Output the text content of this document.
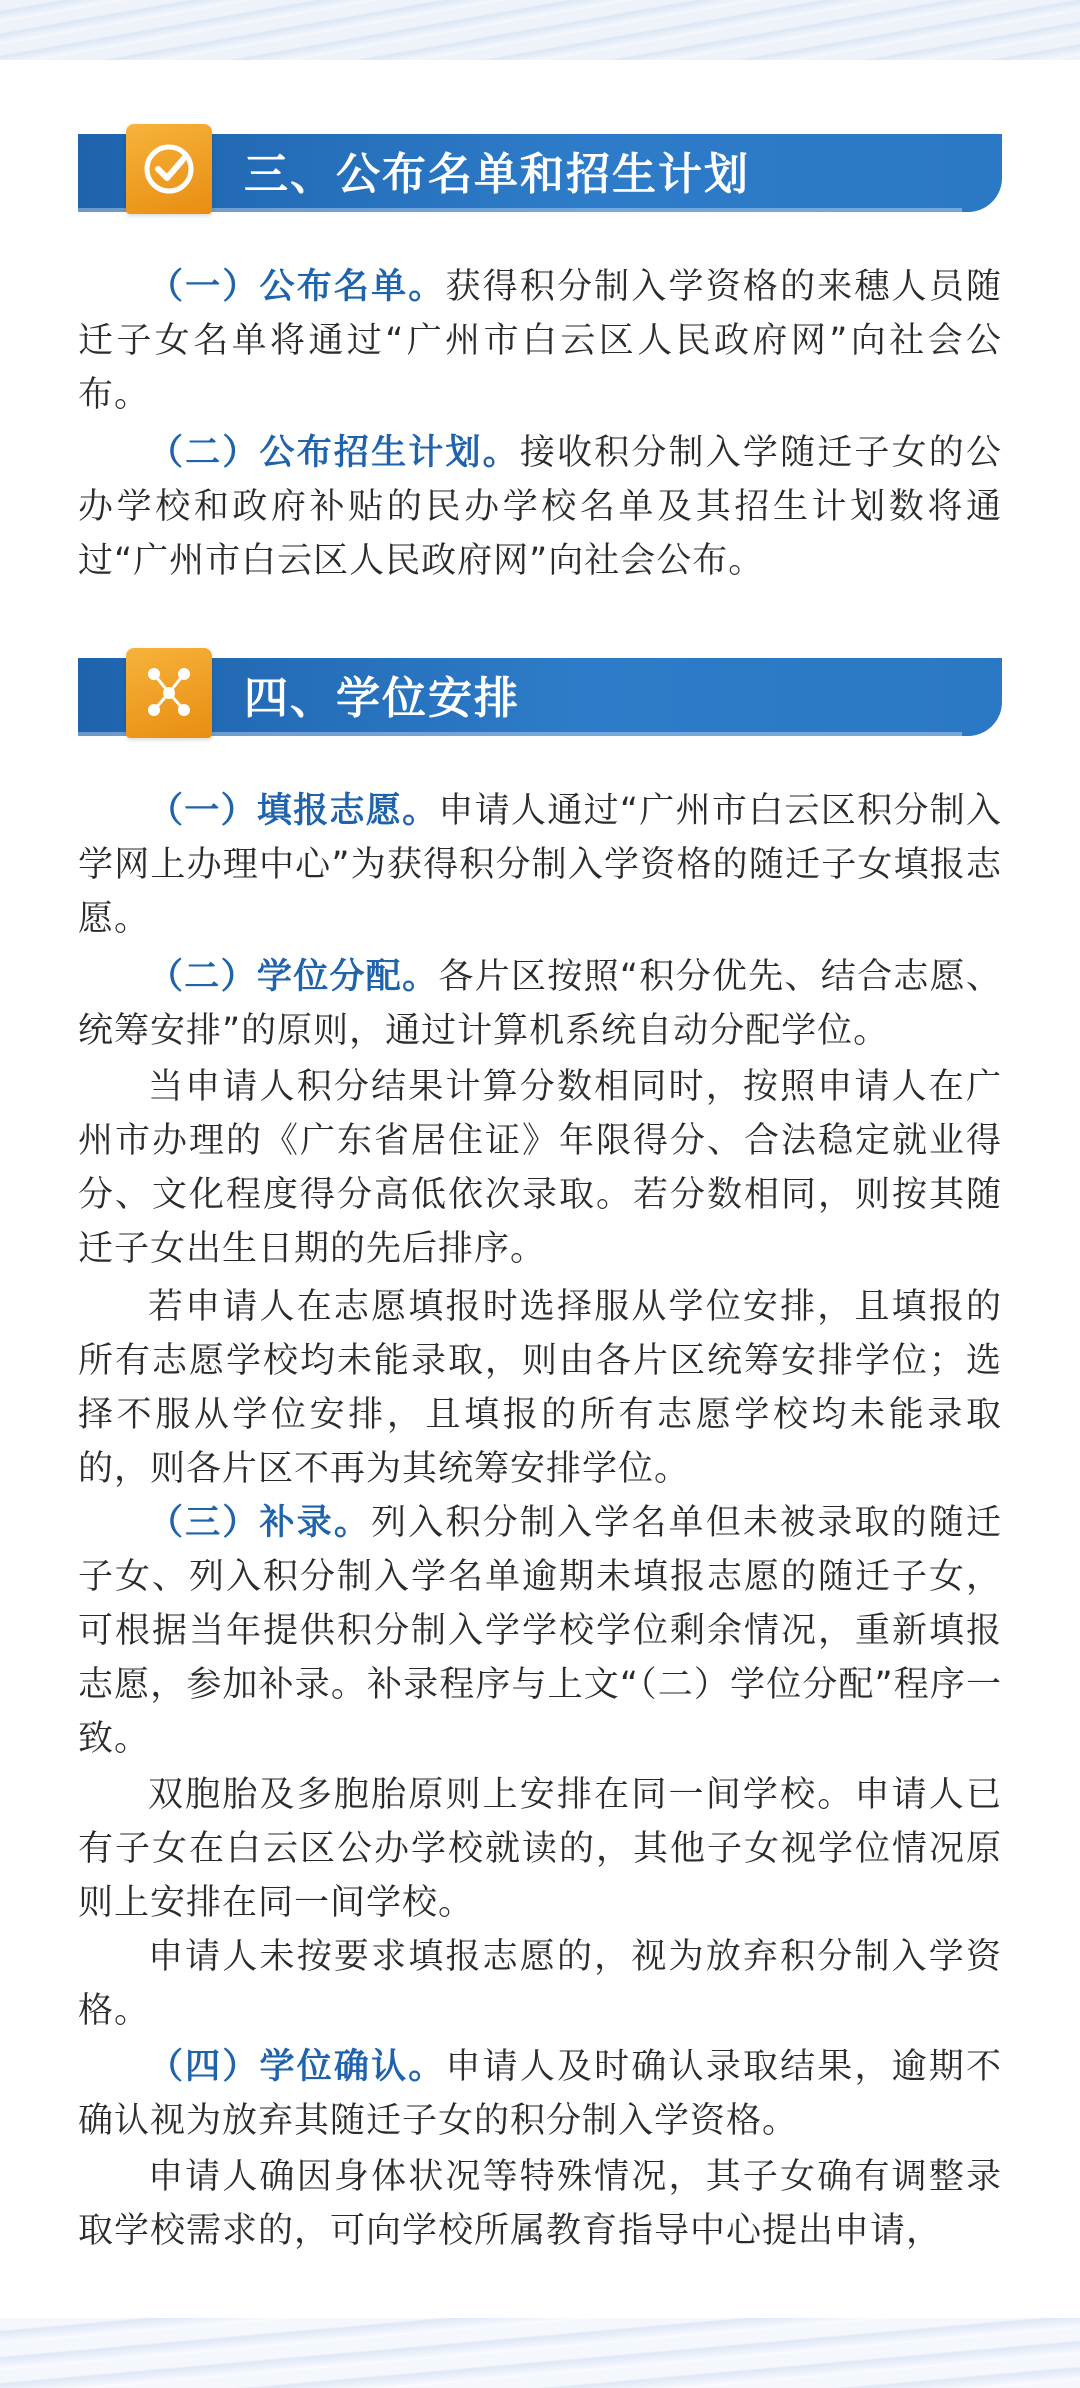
三、公布名单和招生计划

（一）公布名单。获得积分制入学资格的来穗人员随迁子女名单将通过“广州市白云区人民政府网”向社会公布。

（二）公布招生计划。接收积分制入学随迁子女的公办学校和政府补贴的民办学校名单及其招生计划数将通过“广州市白云区人民政府网”向社会公布。

四、学位安排

（一）填报志愿。申请人通过“广州市白云区积分制入学网上办理中心”为获得积分制入学资格的随迁子女填报志愿。

（二）学位分配。各片区按照“积分优先、结合志愿、统筹安排”的原则，通过计算机系统自动分配学位。

当申请人积分结果计算分数相同时，按照申请人在广州市办理的《广东省居住证》年限得分、合法稳定就业得分、文化程度得分高低依次录取。若分数相同，则按其随迁子女出生日期的先后排序。

若申请人在志愿填报时选择服从学位安排，且填报的所有志愿学校均未能录取，则由各片区统筹安排学位；选择不服从学位安排，且填报的所有志愿学校均未能录取的，则各片区不再为其统筹安排学位。

（三）补录。列入积分制入学名单但未被录取的随迁子女、列入积分制入学名单逾期未填报志愿的随迁子女，可根据当年提供积分制入学学校学位剩余情况，重新填报志愿，参加补录。补录程序与上文“（二）学位分配”程序一致。

双胞胎及多胞胎原则上安排在同一间学校。申请人已有子女在白云区公办学校就读的，其他子女视学位情况原则上安排在同一间学校。

申请人未按要求填报志愿的，视为放弃积分制入学资格。

（四）学位确认。申请人及时确认录取结果，逾期不确认视为放弃其随迁子女的积分制入学资格。

申请人确因身体状况等特殊情况，其子女确有调整录取学校需求的，可向学校所属教育指导中心提出申请，
